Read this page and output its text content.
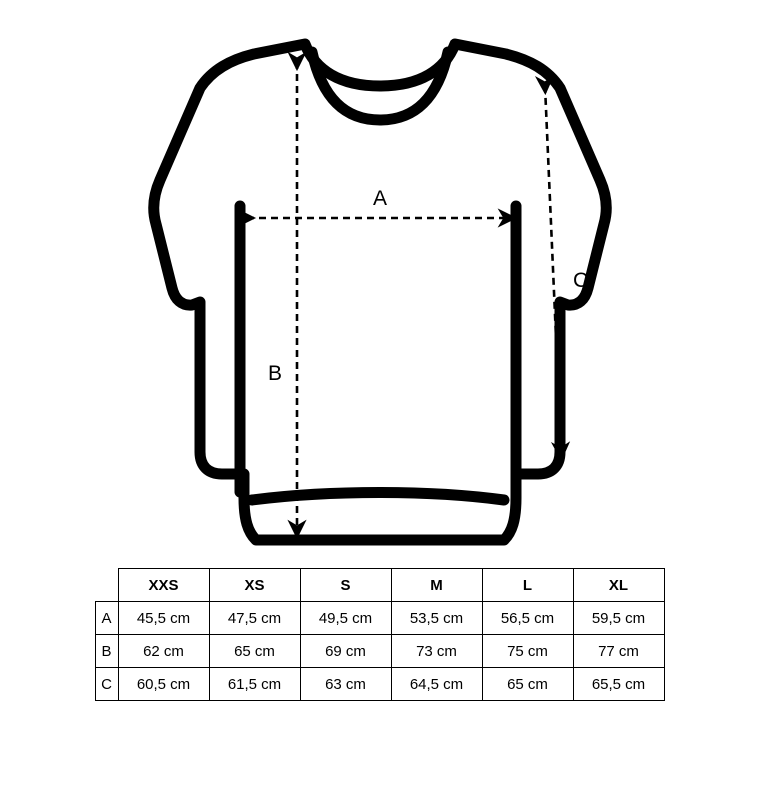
A
B
C
	XXS	XS	S	M	L	XL
A	45,5 cm	47,5 cm	49,5 cm	53,5 cm	56,5 cm	59,5 cm
B	62 cm	65 cm	69 cm	73 cm	75 cm	77 cm
C	60,5 cm	61,5 cm	63 cm	64,5 cm	65 cm	65,5 cm
